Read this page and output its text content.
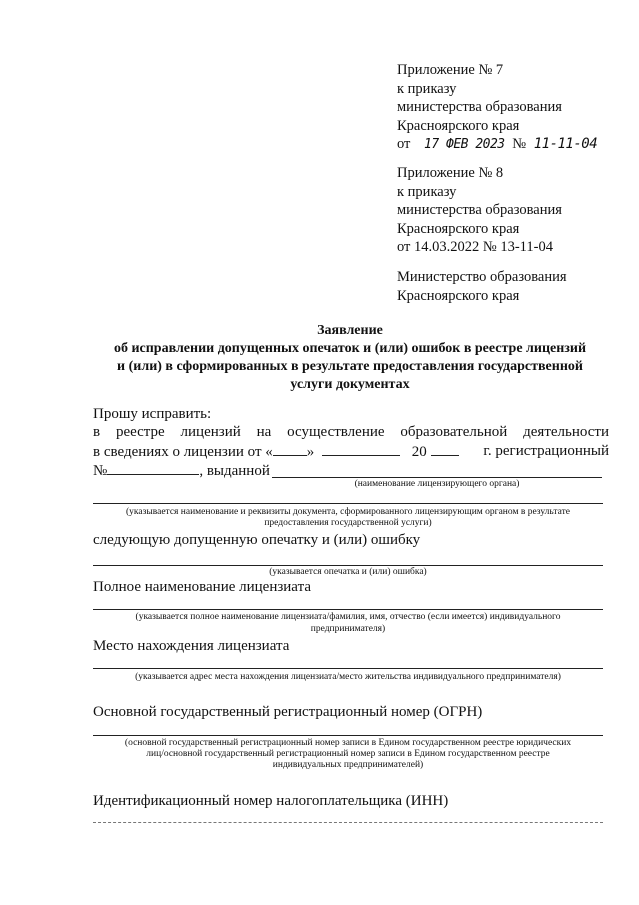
Приложение № 7
к приказу
министерства образования
Красноярского края
от 17 ФЕВ 2023 № 11-11-04
Приложение № 8
к приказу
министерства образования
Красноярского края
от 14.03.2022 № 13-11-04
Министерство образования
Красноярского края
Заявление
об исправлении допущенных опечаток и (или) ошибок в реестре лицензий
и (или) в сформированных в результате предоставления государственной
услуги документах
Прошу исправить:
в реестре лицензий на осуществление образовательной деятельности
в сведениях о лицензии от « »	20	г. регистрационный
№	, выданной
(наименование лицензирующего органа)
(указывается наименование и реквизиты документа, сформированного лицензирующим органом в результате
предоставления государственной услуги)
следующую допущенную опечатку и (или) ошибку
(указывается опечатка и (или) ошибка)
Полное наименование лицензиата
(указывается полное наименование лицензиата/фамилия, имя, отчество (если имеется) индивидуального
предпринимателя)
Место нахождения лицензиата
(указывается адрес места нахождения лицензиата/место жительства индивидуального предпринимателя)
Основной государственный регистрационный номер (ОГРН)
(основной государственный регистрационный номер записи в Едином государственном реестре юридических
лиц/основной государственный регистрационный номер записи в Едином государственном реестре
индивидуальных предпринимателей)
Идентификационный номер налогоплательщика (ИНН)
